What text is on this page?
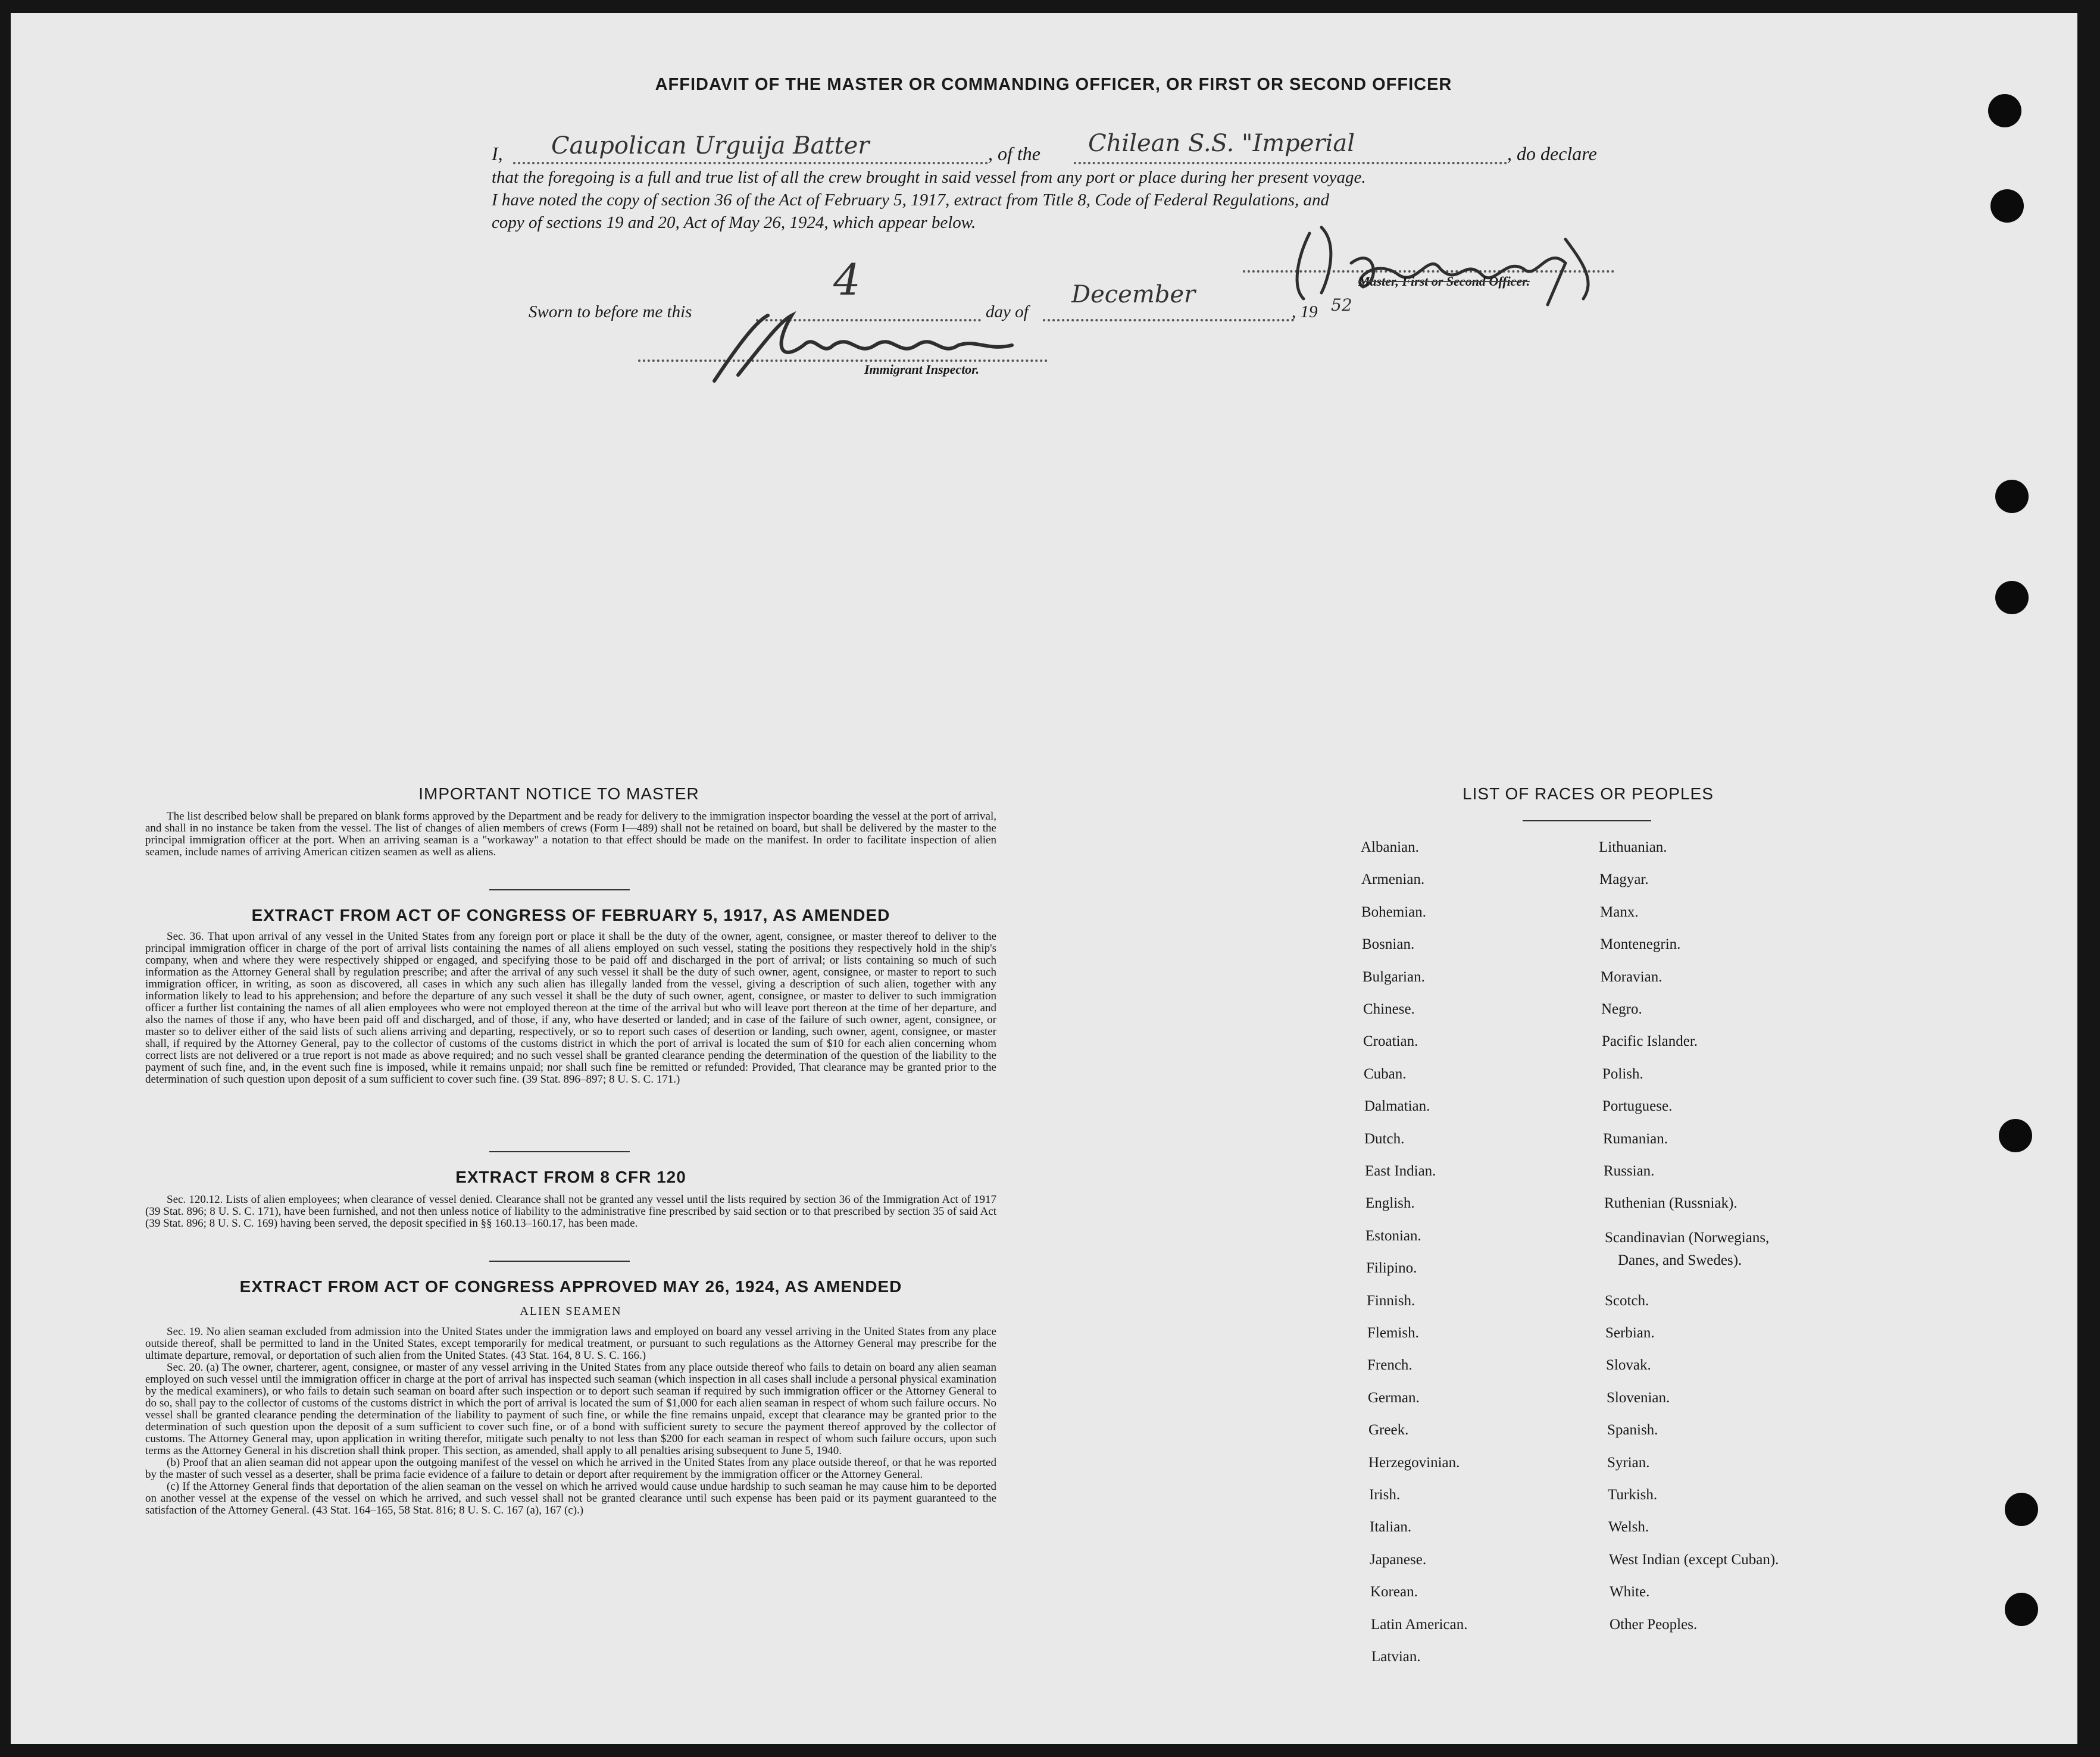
AFFIDAVIT OF THE MASTER OR COMMANDING OFFICER, OR FIRST OR SECOND OFFICER
I, Caupolican Urguija Batter	, of the Chilean S.S. "Imperial	, do declare
that the foregoing is a full and true list of all the crew brought in said vessel from any port or place during her present voyage.
I have noted the copy of section 36 of the Act of February 5, 1917, extract from Title 8, Code of Federal Regulations, and
copy of sections 19 and 20, Act of May 26, 1924, which appear below.
Master, First or Second Officer.
Sworn to before me this
4
day of
December
, 19 52
Immigrant Inspector.
IMPORTANT NOTICE TO MASTER

The list described below shall be prepared on blank forms approved by the Department and be ready for delivery to the immigration inspector boarding the vessel at the port of arrival, and shall in no instance be taken from the vessel. The list of changes of alien members of crews (Form I—489) shall not be retained on board, but shall be delivered by the master to the principal immigration officer at the port. When an arriving seaman is a "workaway" a notation to that effect should be made on the manifest. In order to facilitate inspection of alien seamen, include names of arriving American citizen seamen as well as aliens.

EXTRACT FROM ACT OF CONGRESS OF FEBRUARY 5, 1917, AS AMENDED

Sec. 36. That upon arrival of any vessel in the United States from any foreign port or place it shall be the duty of the owner, agent, consignee, or master thereof to deliver to the principal immigration officer in charge of the port of arrival lists containing the names of all aliens employed on such vessel, stating the positions they respectively hold in the ship's company, when and where they were respectively shipped or engaged, and specifying those to be paid off and discharged in the port of arrival; or lists containing so much of such information as the Attorney General shall by regulation prescribe; and after the arrival of any such vessel it shall be the duty of such owner, agent, consignee, or master to report to such immigration officer, in writing, as soon as discovered, all cases in which any such alien has illegally landed from the vessel, giving a description of such alien, together with any information likely to lead to his apprehension; and before the departure of any such vessel it shall be the duty of such owner, agent, consignee, or master to deliver to such immigration officer a further list containing the names of all alien employees who were not employed thereon at the time of the arrival but who will leave port thereon at the time of her departure, and also the names of those if any, who have been paid off and discharged, and of those, if any, who have deserted or landed; and in case of the failure of such owner, agent, consignee, or master so to deliver either of the said lists of such aliens arriving and departing, respectively, or so to report such cases of desertion or landing, such owner, agent, consignee, or master shall, if required by the Attorney General, pay to the collector of customs of the customs district in which the port of arrival is located the sum of $10 for each alien concerning whom correct lists are not delivered or a true report is not made as above required; and no such vessel shall be granted clearance pending the determination of the question of the liability to the payment of such fine, and, in the event such fine is imposed, while it remains unpaid; nor shall such fine be remitted or refunded: Provided, That clearance may be granted prior to the determination of such question upon deposit of a sum sufficient to cover such fine. (39 Stat. 896–897; 8 U. S. C. 171.)

EXTRACT FROM 8 CFR 120

Sec. 120.12. Lists of alien employees; when clearance of vessel denied. Clearance shall not be granted any vessel until the lists required by section 36 of the Immigration Act of 1917 (39 Stat. 896; 8 U. S. C. 171), have been furnished, and not then unless notice of liability to the administrative fine prescribed by said section or to that prescribed by section 35 of said Act (39 Stat. 896; 8 U. S. C. 169) having been served, the deposit specified in §§ 160.13–160.17, has been made.

EXTRACT FROM ACT OF CONGRESS APPROVED MAY 26, 1924, AS AMENDED
ALIEN SEAMEN

Sec. 19. No alien seaman excluded from admission into the United States under the immigration laws and employed on board any vessel arriving in the United States from any place outside thereof, shall be permitted to land in the United States, except temporarily for medical treatment, or pursuant to such regulations as the Attorney General may prescribe for the ultimate departure, removal, or deportation of such alien from the United States. (43 Stat. 164, 8 U. S. C. 166.)

Sec. 20. (a) The owner, charterer, agent, consignee, or master of any vessel arriving in the United States from any place outside thereof who fails to detain on board any alien seaman employed on such vessel until the immigration officer in charge at the port of arrival has inspected such seaman (which inspection in all cases shall include a personal physical examination by the medical examiners), or who fails to detain such seaman on board after such inspection or to deport such seaman if required by such immigration officer or the Attorney General to do so, shall pay to the collector of customs of the customs district in which the port of arrival is located the sum of $1,000 for each alien seaman in respect of whom such failure occurs. No vessel shall be granted clearance pending the determination of the liability to payment of such fine, or while the fine remains unpaid, except that clearance may be granted prior to the determination of such question upon the deposit of a sum sufficient to cover such fine, or of a bond with sufficient surety to secure the payment thereof approved by the collector of customs. The Attorney General may, upon application in writing therefor, mitigate such penalty to not less than $200 for each seaman in respect of whom such failure occurs, upon such terms as the Attorney General in his discretion shall think proper. This section, as amended, shall apply to all penalties arising subsequent to June 5, 1940.

(b) Proof that an alien seaman did not appear upon the outgoing manifest of the vessel on which he arrived in the United States from any place outside thereof, or that he was reported by the master of such vessel as a deserter, shall be prima facie evidence of a failure to detain or deport after requirement by the immigration officer or the Attorney General.

(c) If the Attorney General finds that deportation of the alien seaman on the vessel on which he arrived would cause undue hardship to such seaman he may cause him to be deported on another vessel at the expense of the vessel on which he arrived, and such vessel shall not be granted clearance until such expense has been paid or its payment guaranteed to the satisfaction of the Attorney General. (43 Stat. 164–165, 58 Stat. 816; 8 U. S. C. 167 (a), 167 (c).)

LIST OF RACES OR PEOPLES
Albanian.
Armenian.
Bohemian.
Bosnian.
Bulgarian.
Chinese.
Croatian.
Cuban.
Dalmatian.
Dutch.
East Indian.
English.
Estonian.
Filipino.
Finnish.
Flemish.
French.
German.
Greek.
Herzegovinian.
Irish.
Italian.
Japanese.
Korean.
Latin American.
Latvian.
Lithuanian.
Magyar.
Manx.
Montenegrin.
Moravian.
Negro.
Pacific Islander.
Polish.
Portuguese.
Rumanian.
Russian.
Ruthenian (Russniak).
Scandinavian (Norwegians,
Scotch.
Serbian.
Slovak.
Slovenian.
Spanish.
Syrian.
Turkish.
Welsh.
West Indian (except Cuban).
White.
Other Peoples.
Danes, and Swedes).
